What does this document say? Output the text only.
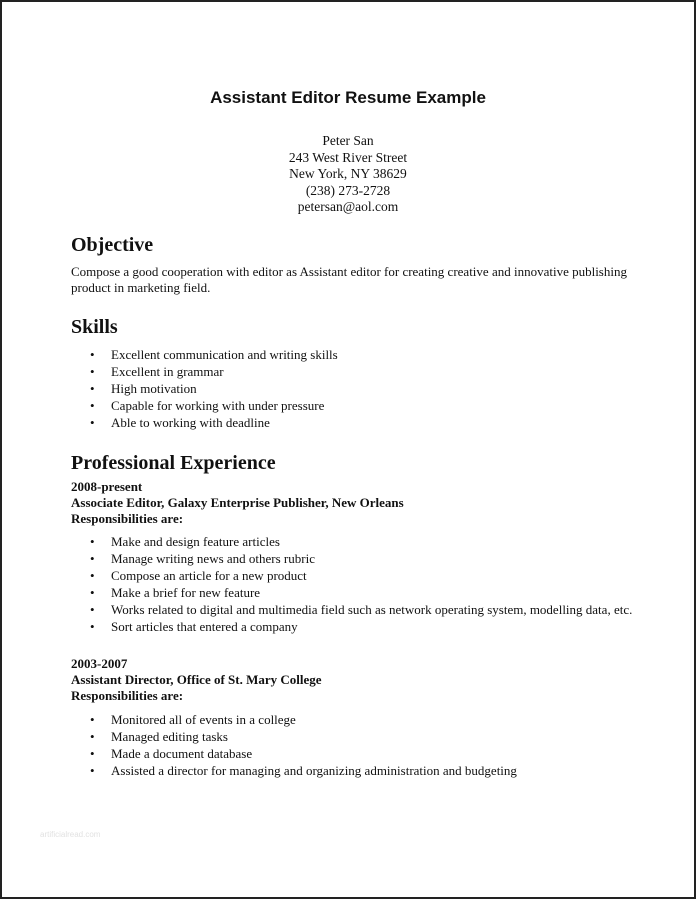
Assistant Editor Resume Example
Peter San
243 West River Street
New York, NY 38629
(238) 273-2728
petersan@aol.com
Objective
Compose a good cooperation with editor as Assistant editor for creating creative and innovative publishing product in marketing field.
Skills
•	Excellent communication and writing skills
•	Excellent in grammar
•	High motivation
•	Capable for working with under pressure
•	Able to working with deadline
Professional Experience
2008-present
Associate Editor, Galaxy Enterprise Publisher, New Orleans
Responsibilities are:
•	Make and design feature articles
•	Manage writing news and others rubric
•	Compose an article for a new product
•	Make a brief for new feature
•	Works related to digital and multimedia field such as network operating system, modelling data, etc.
•	Sort articles that entered a company
2003-2007
Assistant Director, Office of St. Mary College
Responsibilities are:
•	Monitored all of events in a college
•	Managed editing tasks
•	Made a document database
•	Assisted a director for managing and organizing administration and budgeting
artificialread.com
